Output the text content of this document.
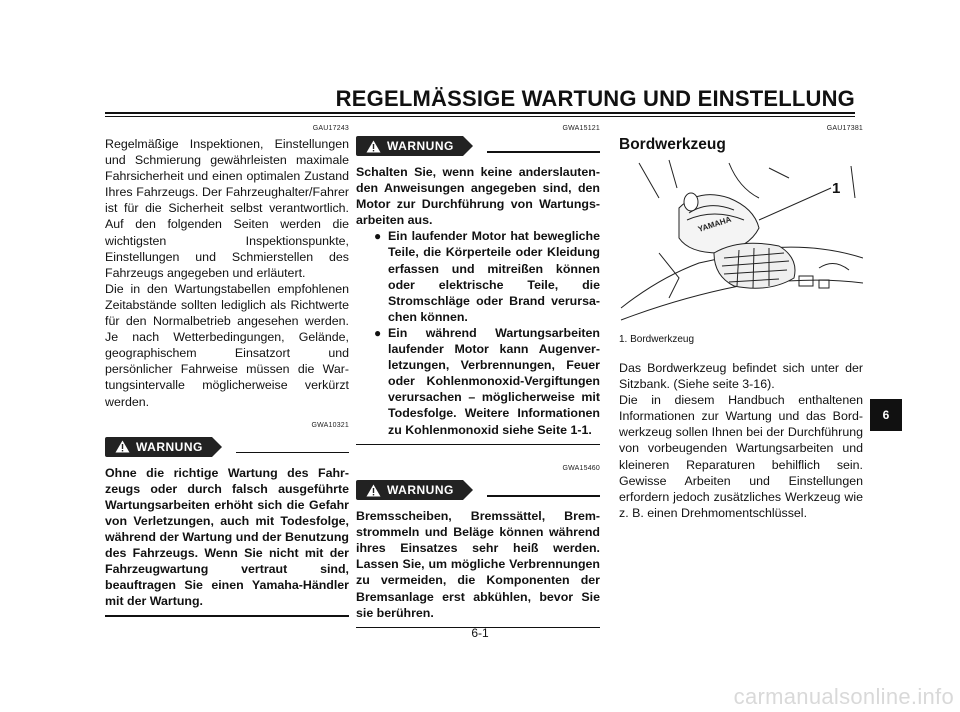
REGELMÄSSIGE WARTUNG UND EINSTELLUNG
GAU17243

Regelmäßige Inspektionen, Einstellungen und Schmierung gewährleisten maximale Fahrsicherheit und einen optimalen Zustand Ihres Fahrzeugs. Der Fahrzeughalter/Fahrer ist für die Sicherheit selbst verantwortlich. Auf den folgenden Seiten werden die wichtigsten Inspektionspunkte, Einstellungen und Schmierstellen des Fahrzeugs angegeben und erläutert.

Die in den Wartungstabellen empfohlenen Zeitabstände sollten lediglich als Richtwerte für den Normalbetrieb angesehen werden. Je nach Wetterbedingungen, Gelände, geographischem Einsatzort und persönlicher Fahrweise müssen die Wartungsintervalle möglicherweise verkürzt werden.

GWA10321
WARNUNG

Ohne die richtige Wartung des Fahrzeugs oder durch falsch ausgeführte Wartungsarbeiten erhöht sich die Gefahr von Verletzungen, auch mit Todesfolge, während der Wartung und der Benutzung des Fahrzeugs. Wenn Sie nicht mit der Fahrzeugwartung vertraut sind, beauftragen Sie einen Yamaha-Händler mit der Wartung.

GWA15121
WARNUNG

Schalten Sie, wenn keine anderslautenden Anweisungen angegeben sind, den Motor zur Durchführung von Wartungsarbeiten aus.

● Ein laufender Motor hat bewegliche Teile, die Körperteile oder Kleidung erfassen und mitreißen können oder elektrische Teile, die Stromschläge oder Brand verursachen können.

● Ein während Wartungsarbeiten laufender Motor kann Augenverletzungen, Verbrennungen, Feuer oder Kohlenmonoxid-Vergiftungen verursachen – möglicherweise mit Todesfolge. Weitere Informationen zu Kohlenmonoxid siehe Seite 1-1.

GWA15460
WARNUNG

Bremsscheiben, Bremssättel, Bremstrommeln und Beläge können während ihres Einsatzes sehr heiß werden. Lassen Sie, um mögliche Verbrennungen zu vermeiden, die Komponenten der Bremsanlage erst abkühlen, bevor Sie sie berühren.

GAU17381
Bordwerkzeug
YAMAHA
1
1. Bordwerkzeug

Das Bordwerkzeug befindet sich unter der Sitzbank. (Siehe seite 3-16).

Die in diesem Handbuch enthaltenen Informationen zur Wartung und das Bordwerkzeug sollen Ihnen bei der Durchführung von vorbeugenden Wartungsarbeiten und kleineren Reparaturen behilflich sein. Gewisse Arbeiten und Einstellungen erfordern jedoch zusätzliches Werkzeug wie z. B. einen Drehmomentschlüssel.

6
6-1
carmanualsonline.info
